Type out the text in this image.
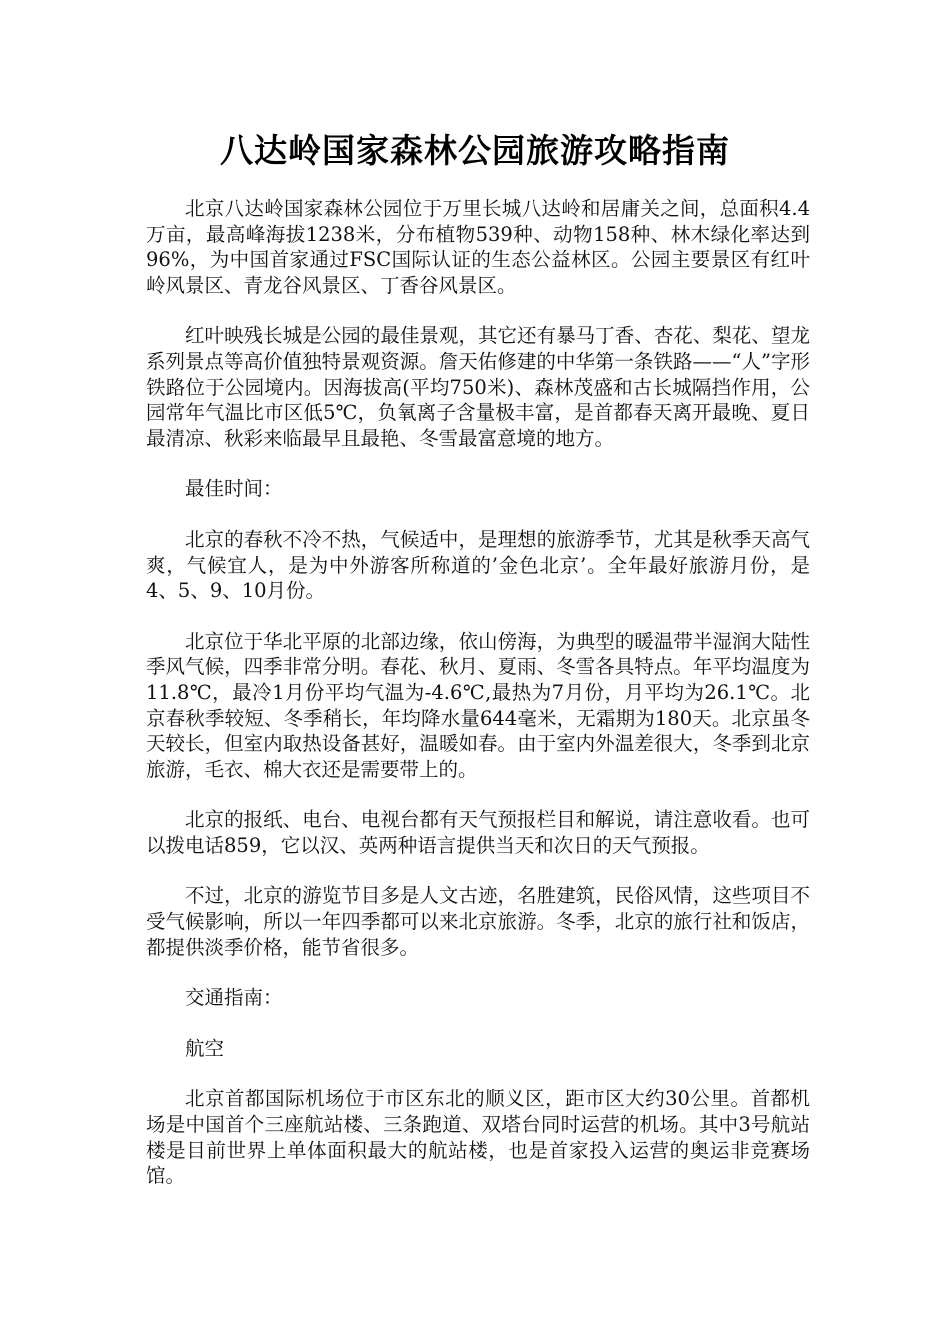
八达岭国家森林公园旅游攻略指南

北京八达岭国家森林公园位于万里长城八达岭和居庸关之间，总面积4.4万亩，最高峰海拔1238米，分布植物539种、动物158种、林木绿化率达到96%，为中国首家通过FSC国际认证的生态公益林区。公园主要景区有红叶岭风景区、青龙谷风景区、丁香谷风景区。

红叶映残长城是公园的最佳景观，其它还有暴马丁香、杏花、梨花、望龙系列景点等高价值独特景观资源。詹天佑修建的中华第一条铁路——“人”字形铁路位于公园境内。因海拔高(平均750米)、森林茂盛和古长城隔挡作用，公园常年气温比市区低5℃，负氧离子含量极丰富，是首都春天离开最晚、夏日最清凉、秋彩来临最早且最艳、冬雪最富意境的地方。

最佳时间：

北京的春秋不冷不热，气候适中，是理想的旅游季节，尤其是秋季天高气爽，气候宜人，是为中外游客所称道的’金色北京’。全年最好旅游月份，是4、5、9、10月份。

北京位于华北平原的北部边缘，依山傍海，为典型的暖温带半湿润大陆性季风气候，四季非常分明。春花、秋月、夏雨、冬雪各具特点。年平均温度为11.8℃，最冷1月份平均气温为-4.6℃,最热为7月份，月平均为26.1℃。北京春秋季较短、冬季稍长，年均降水量644毫米，无霜期为180天。北京虽冬天较长，但室内取热设备甚好，温暖如春。由于室内外温差很大，冬季到北京旅游，毛衣、棉大衣还是需要带上的。

北京的报纸、电台、电视台都有天气预报栏目和解说，请注意收看。也可以拨电话859，它以汉、英两种语言提供当天和次日的天气预报。

不过，北京的游览节目多是人文古迹，名胜建筑，民俗风情，这些项目不受气候影响，所以一年四季都可以来北京旅游。冬季，北京的旅行社和饭店，都提供淡季价格，能节省很多。

交通指南：

航空

北京首都国际机场位于市区东北的顺义区，距市区大约30公里。首都机场是中国首个三座航站楼、三条跑道、双塔台同时运营的机场。其中3号航站楼是目前世界上单体面积最大的航站楼，也是首家投入运营的奥运非竞赛场馆。
